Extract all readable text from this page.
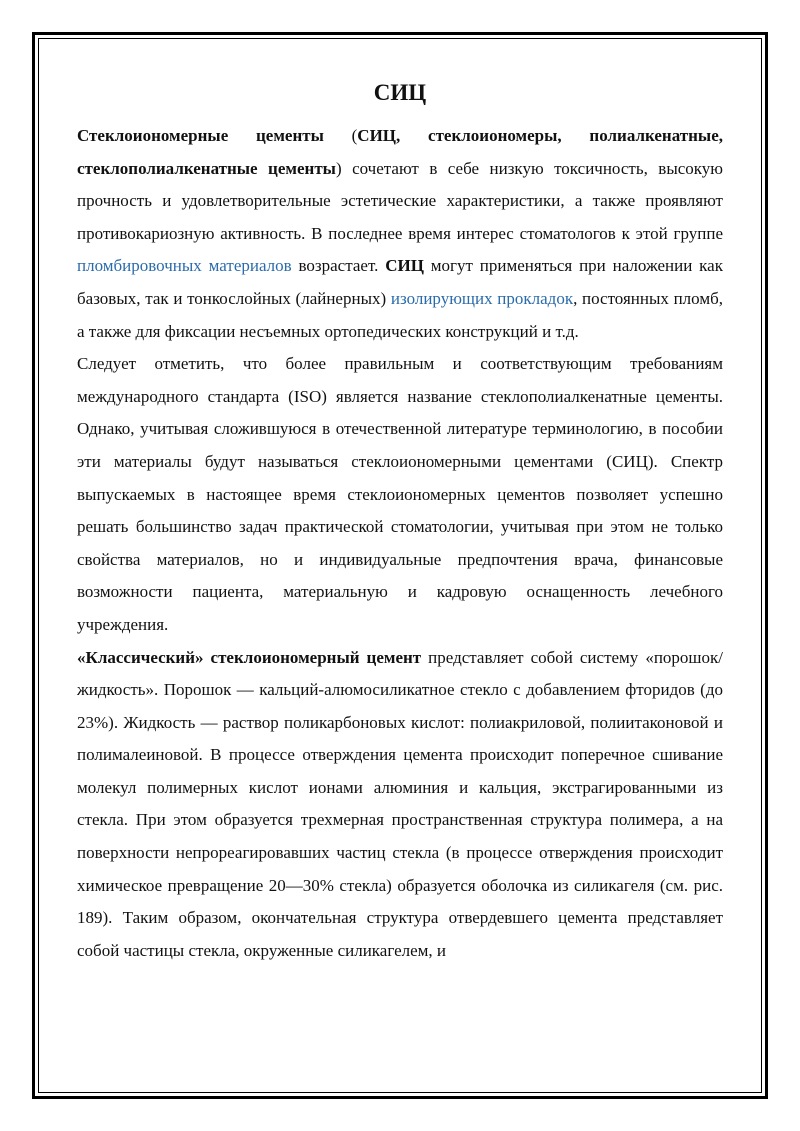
СИЦ

Стеклоиономерные цементы (СИЦ, стеклоиономеры, полиалкенатные, стеклополиалкенатные цементы) сочетают в себе низкую токсичность, высокую прочность и удовлетворительные эстетические характеристики, а также проявляют противокариозную активность. В последнее время интерес стоматологов к этой группе пломбировочных материалов возрастает. СИЦ могут применяться при наложении как базовых, так и тонкослойных (лайнерных) изолирующих прокладок, постоянных пломб, а также для фиксации несъемных ортопедических конструкций и т.д.

Следует отметить, что более правильным и соответствующим требованиям международного стандарта (ISO) является название стеклополиалкенатные цементы. Однако, учитывая сложившуюся в отечественной литературе терминологию, в пособии эти материалы будут называться стеклоиономерными цементами (СИЦ). Спектр выпускаемых в настоящее время стеклоиономерных цементов позволяет успешно решать большинство задач практической стоматологии, учитывая при этом не только свойства материалов, но и индивидуальные предпочтения врача, финансовые возможности пациента, материальную и кадровую оснащенность лечебного учреждения.

«Классический» стеклоиономерный цемент представляет собой систему «порошок/жидкость». Порошок — кальций-алюмосиликатное стекло с добавлением фторидов (до 23%). Жидкость — раствор поликарбоновых кислот: полиакриловой, полиитаконовой и полималеиновой. В процессе отверждения цемента происходит поперечное сшивание молекул полимерных кислот ионами алюминия и кальция, экстрагированными из стекла. При этом образуется трехмерная пространственная структура полимера, а на поверхности непрореагировавших частиц стекла (в процессе отверждения происходит химическое превращение 20—30% стекла) образуется оболочка из силикагеля (см. рис. 189). Таким образом, окончательная структура отвердевшего цемента представляет собой частицы стекла, окруженные силикагелем, и
